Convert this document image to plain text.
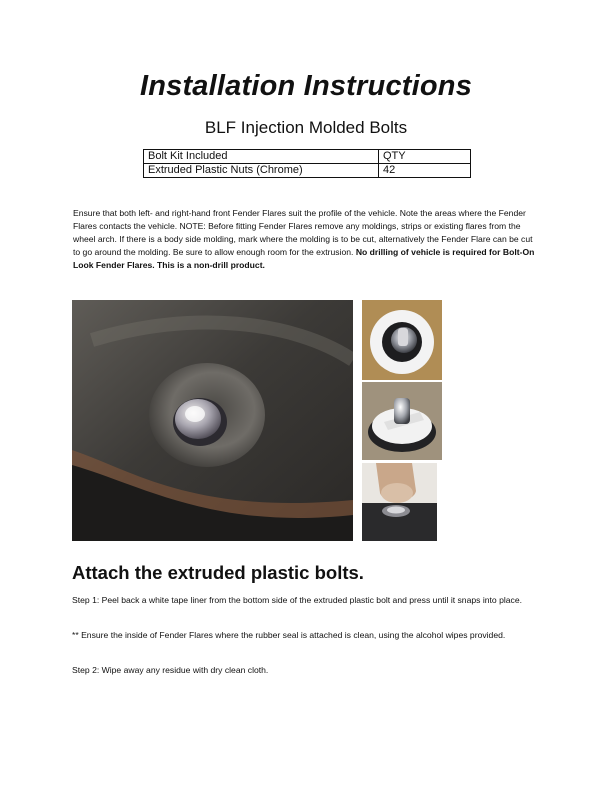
Installation Instructions
BLF Injection Molded Bolts
Bolt Kit Included	QTY
Extruded Plastic Nuts (Chrome)	42

Ensure that both left- and right-hand front Fender Flares suit the profile of the vehicle. Note the areas where the Fender Flares contacts the vehicle. NOTE: Before fitting Fender Flares remove any moldings, strips or existing flares from the wheel arch. If there is a body side molding, mark where the molding is to be cut, alternatively the Fender Flare can be cut to go around the molding. Be sure to allow enough room for the extrusion. No drilling of vehicle is required for Bolt-On Look Fender Flares. This is a non-drill product.

Attach the extruded plastic bolts.
Step 1: Peel back a white tape liner from the bottom side of the extruded plastic bolt and press until it snaps into place.
** Ensure the inside of Fender Flares where the rubber seal is attached is clean, using the alcohol wipes provided.
Step 2: Wipe away any residue with dry clean cloth.
